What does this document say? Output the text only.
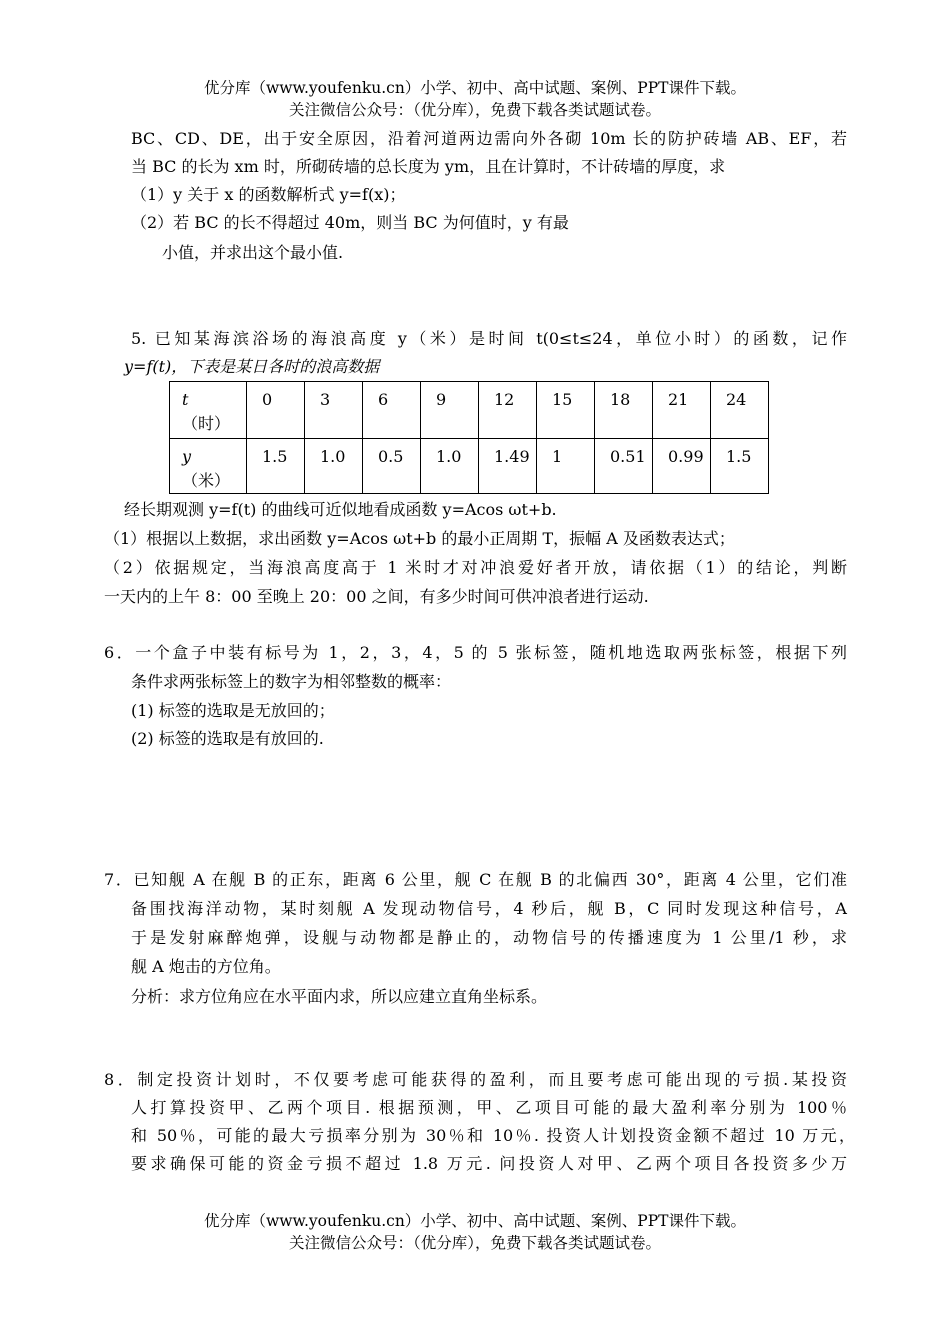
优分库（www.youfenku.cn）小学、初中、高中试题、案例、PPT课件下载。
关注微信公众号：（优分库），免费下载各类试题试卷。
BC、CD、DE，出于安全原因，沿着河道两边需向外各砌 10m 长的防护砖墙 AB、EF，若
当 BC 的长为 xm 时，所砌砖墙的总长度为 ym，且在计算时，不计砖墙的厚度，求
（1）y 关于 x 的函数解析式 y=f(x)；
（2）若 BC 的长不得超过 40m，则当 BC 为何值时，y 有最
小值，并求出这个最小值.
5. 已知某海滨浴场的海浪高度 y（米）是时间 t(0≤t≤24，单位小时）的函数，记作
y=f(t)，下表是某日各时的浪高数据
t
（时）	0	3	6	9	12	15	18	21	24

y
（米）	1.5	1.0	0.5	1.0	1.49	1	0.51	0.99	1.5
经长期观测 y=f(t) 的曲线可近似地看成函数 y=Acos ωt+b.
（1）根据以上数据，求出函数 y=Acos ωt+b 的最小正周期 T，振幅 A 及函数表达式；
（2）依据规定，当海浪高度高于 1 米时才对冲浪爱好者开放，请依据（1）的结论，判断
一天内的上午 8：00 至晚上 20：00 之间，有多少时间可供冲浪者进行运动.
6．一个盒子中装有标号为 1，2，3，4，5 的 5 张标签，随机地选取两张标签，根据下列
条件求两张标签上的数字为相邻整数的概率：
(1) 标签的选取是无放回的；
(2) 标签的选取是有放回的.
7．已知舰 A 在舰 B 的正东，距离 6 公里，舰 C 在舰 B 的北偏西 30°，距离 4 公里，它们准
备围找海洋动物，某时刻舰 A 发现动物信号，4 秒后，舰 B，C 同时发现这种信号，A
于是发射麻醉炮弹，设舰与动物都是静止的，动物信号的传播速度为 1 公里/1 秒，求
舰 A 炮击的方位角。
分析：求方位角应在水平面内求，所以应建立直角坐标系。
8．制定投资计划时，不仅要考虑可能获得的盈利，而且要考虑可能出现的亏损.某投资
人打算投资甲、乙两个项目. 根据预测，甲、乙项目可能的最大盈利率分别为 100％
和 50％，可能的最大亏损率分别为 30％和 10％. 投资人计划投资金额不超过 10 万元，
要求确保可能的资金亏损不超过 1.8 万元. 问投资人对甲、乙两个项目各投资多少万
优分库（www.youfenku.cn）小学、初中、高中试题、案例、PPT课件下载。
关注微信公众号：（优分库），免费下载各类试题试卷。
